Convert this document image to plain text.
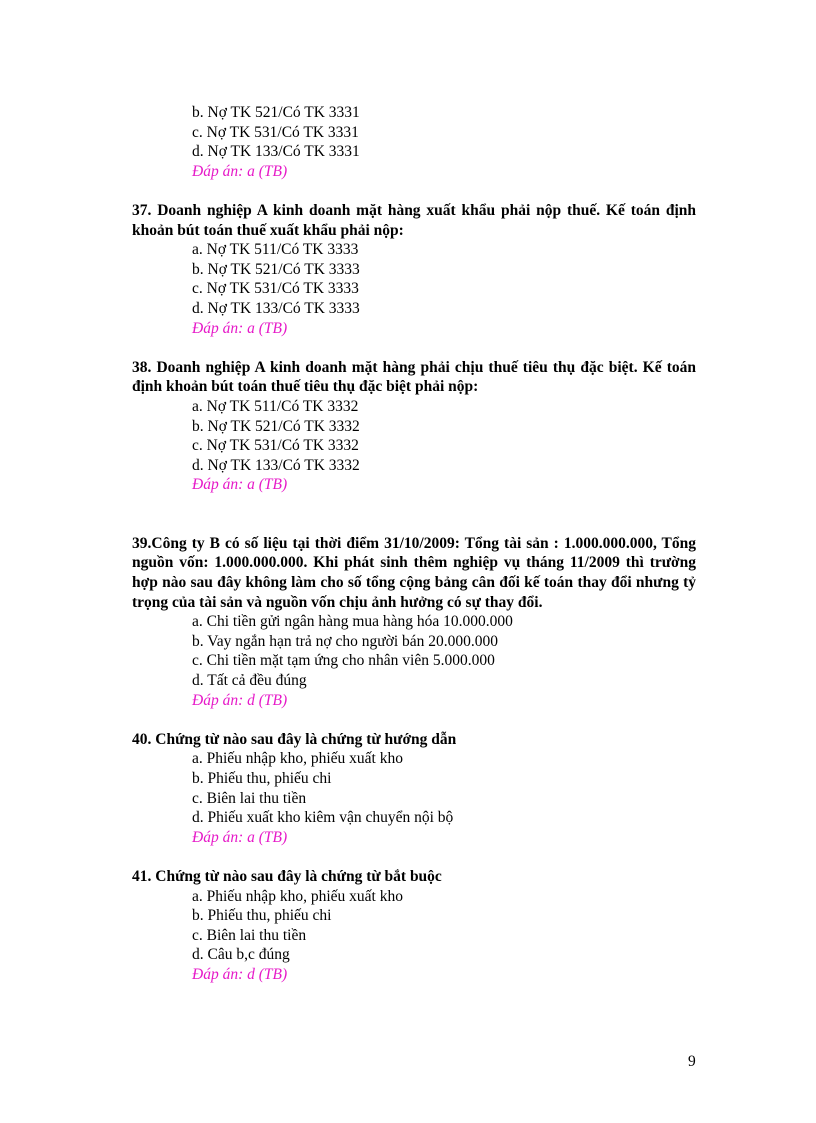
b. Nợ TK 521/Có TK 3331
c. Nợ TK 531/Có TK 3331
d. Nợ TK 133/Có TK 3331
Đáp án: a (TB)
37. Doanh nghiệp A kinh doanh mặt hàng xuất khẩu phải nộp thuế. Kế toán định khoản bút toán thuế xuất khẩu phải nộp:
a. Nợ TK 511/Có TK 3333
b. Nợ TK 521/Có TK 3333
c. Nợ TK 531/Có TK 3333
d. Nợ TK 133/Có TK 3333
Đáp án: a (TB)
38. Doanh nghiệp A kinh doanh mặt hàng phải chịu thuế tiêu thụ đặc biệt. Kế toán định khoản bút toán thuế tiêu thụ đặc biệt phải nộp:
a. Nợ TK 511/Có TK 3332
b. Nợ TK 521/Có TK 3332
c. Nợ TK 531/Có TK 3332
d. Nợ TK 133/Có TK 3332
Đáp án: a (TB)
39.Công ty B có số liệu tại thời điểm 31/10/2009: Tổng tài sản : 1.000.000.000, Tổng nguồn vốn: 1.000.000.000. Khi phát sinh thêm nghiệp vụ tháng 11/2009 thì trường hợp nào sau đây không làm cho số tổng cộng bảng cân đối kế toán thay đổi nhưng tỷ trọng của tài sản và nguồn vốn chịu ảnh hưởng có sự thay đổi.
a. Chi tiền gửi ngân hàng mua hàng hóa 10.000.000
b. Vay ngắn hạn trả nợ cho người bán 20.000.000
c. Chi tiền mặt tạm ứng cho nhân viên 5.000.000
d. Tất cả đều đúng
Đáp án: d (TB)
40. Chứng từ nào sau đây là chứng từ hướng dẫn
a. Phiếu nhập kho, phiếu xuất kho
b. Phiếu thu, phiếu chi
c. Biên lai thu tiền
d. Phiếu xuất kho kiêm vận chuyển nội bộ
Đáp án: a (TB)
41. Chứng từ nào sau đây là chứng từ bắt buộc
a. Phiếu nhập kho, phiếu xuất kho
b. Phiếu thu, phiếu chi
c. Biên lai thu tiền
d. Câu b,c đúng
Đáp án: d (TB)
9
